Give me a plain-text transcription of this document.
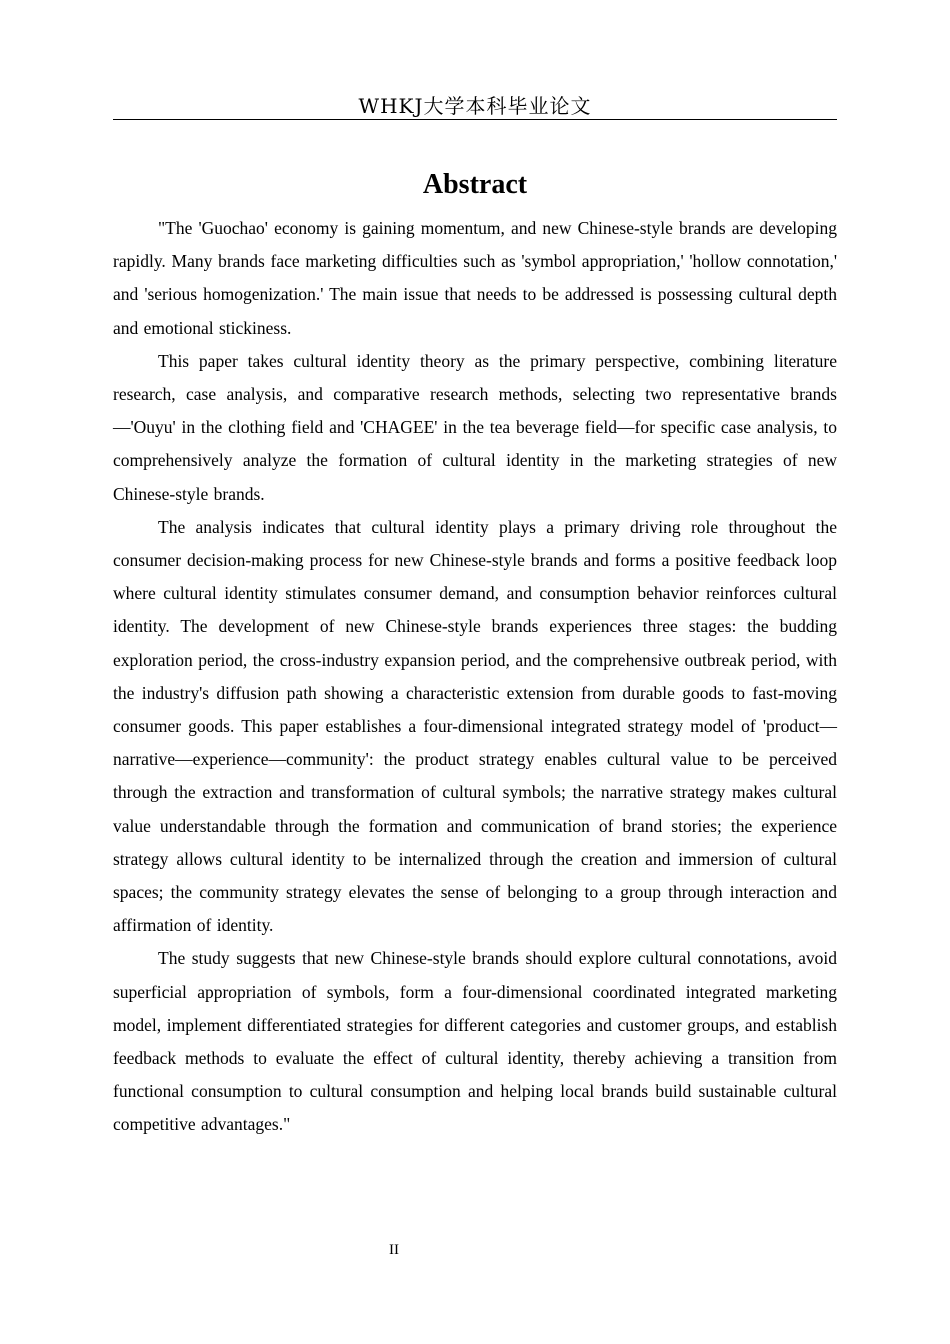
WHKJ大学本科毕业论文
Abstract

"The 'Guochao' economy is gaining momentum, and new Chinese-style brands are developing rapidly. Many brands face marketing difficulties such as 'symbol appropriation,' 'hollow connotation,' and 'serious homogenization.' The main issue that needs to be addressed is possessing cultural depth and emotional stickiness.

This paper takes cultural identity theory as the primary perspective, combining literature research, case analysis, and comparative research methods, selecting two representative brands—'Ouyu' in the clothing field and 'CHAGEE' in the tea beverage field—for specific case analysis, to comprehensively analyze the formation of cultural identity in the marketing strategies of new Chinese-style brands.

The analysis indicates that cultural identity plays a primary driving role throughout the consumer decision-making process for new Chinese-style brands and forms a positive feedback loop where cultural identity stimulates consumer demand, and consumption behavior reinforces cultural identity. The development of new Chinese-style brands experiences three stages: the budding exploration period, the cross-industry expansion period, and the comprehensive outbreak period, with the industry's diffusion path showing a characteristic extension from durable goods to fast-moving consumer goods. This paper establishes a four-dimensional integrated strategy model of 'product—narrative—experience—community': the product strategy enables cultural value to be perceived through the extraction and transformation of cultural symbols; the narrative strategy makes cultural value understandable through the formation and communication of brand stories; the experience strategy allows cultural identity to be internalized through the creation and immersion of cultural spaces; the community strategy elevates the sense of belonging to a group through interaction and affirmation of identity.

The study suggests that new Chinese-style brands should explore cultural connotations, avoid superficial appropriation of symbols, form a four-dimensional coordinated integrated marketing model, implement differentiated strategies for different categories and customer groups, and establish feedback methods to evaluate the effect of cultural identity, thereby achieving a transition from functional consumption to cultural consumption and helping local brands build sustainable cultural competitive advantages."

II
